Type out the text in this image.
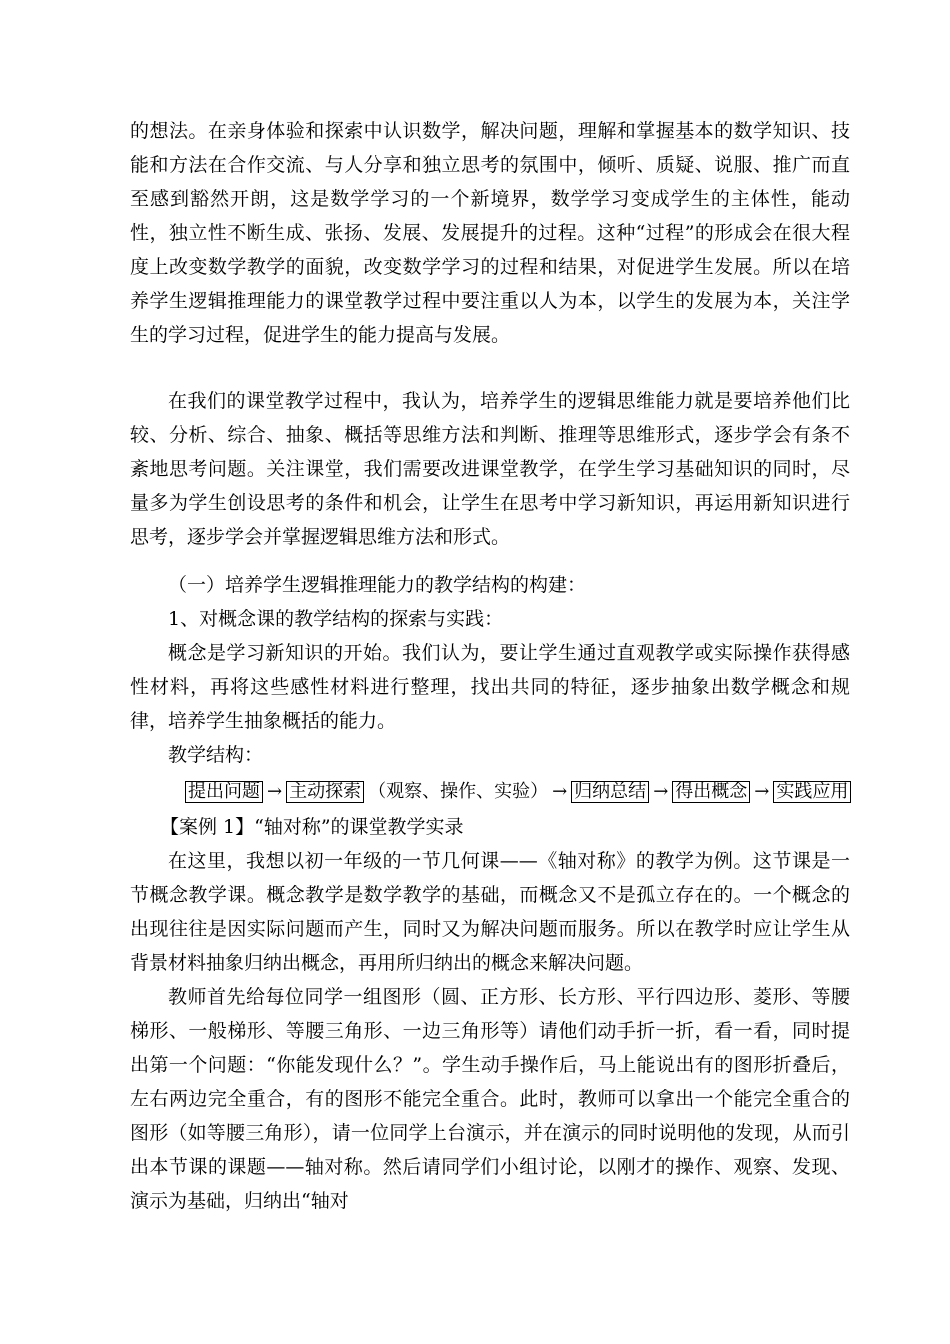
的想法。在亲身体验和探索中认识数学，解决问题，理解和掌握基本的数学知识、技能和方法在合作交流、与人分享和独立思考的氛围中，倾听、质疑、说服、推广而直至感到豁然开朗，这是数学学习的一个新境界，数学学习变成学生的主体性，能动性，独立性不断生成、张扬、发展、发展提升的过程。这种“过程”的形成会在很大程度上改变数学教学的面貌，改变数学学习的过程和结果，对促进学生发展。所以在培养学生逻辑推理能力的课堂教学过程中要注重以人为本，以学生的发展为本，关注学生的学习过程，促进学生的能力提高与发展。

在我们的课堂教学过程中，我认为，培养学生的逻辑思维能力就是要培养他们比较、分析、综合、抽象、概括等思维方法和判断、推理等思维形式，逐步学会有条不紊地思考问题。关注课堂，我们需要改进课堂教学，在学生学习基础知识的同时，尽量多为学生创设思考的条件和机会，让学生在思考中学习新知识，再运用新知识进行思考，逐步学会并掌握逻辑思维方法和形式。

（一）培养学生逻辑推理能力的教学结构的构建：

1、对概念课的教学结构的探索与实践：

概念是学习新知识的开始。我们认为，要让学生通过直观教学或实际操作获得感性材料，再将这些感性材料进行整理，找出共同的特征，逐步抽象出数学概念和规律，培养学生抽象概括的能力。

教学结构：

提出问题 → 主动探索 （观察、操作、实验） → 归纳总结 → 得出概念 → 实践应用

【案例 1】“轴对称”的课堂教学实录

在这里，我想以初一年级的一节几何课——《轴对称》的教学为例。这节课是一节概念教学课。概念教学是数学教学的基础，而概念又不是孤立存在的。一个概念的出现往往是因实际问题而产生，同时又为解决问题而服务。所以在教学时应让学生从背景材料抽象归纳出概念，再用所归纳出的概念来解决问题。

教师首先给每位同学一组图形（圆、正方形、长方形、平行四边形、菱形、等腰梯形、一般梯形、等腰三角形、一边三角形等）请他们动手折一折，看一看，同时提出第一个问题：“你能发现什么？”。学生动手操作后，马上能说出有的图形折叠后，左右两边完全重合，有的图形不能完全重合。此时，教师可以拿出一个能完全重合的图形（如等腰三角形），请一位同学上台演示，并在演示的同时说明他的发现，从而引出本节课的课题——轴对称。然后请同学们小组讨论，以刚才的操作、观察、发现、演示为基础，归纳出“轴对
